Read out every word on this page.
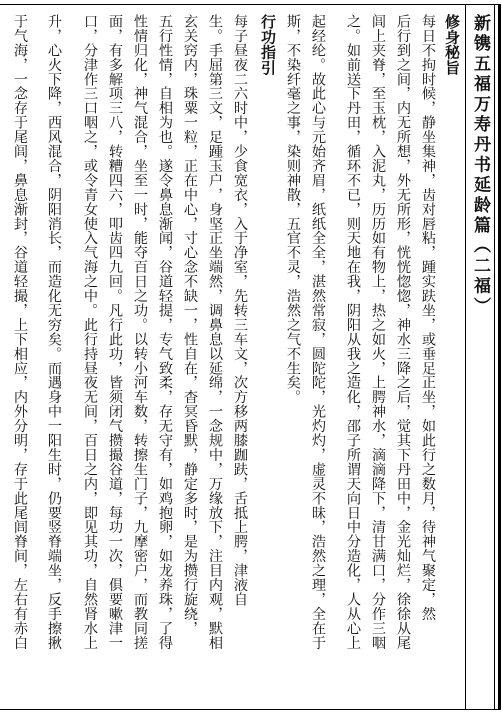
新镌五福万寿丹书延龄篇（二福）
修身秘旨
每日不拘时候，静坐集神，齿对唇粘，踵实趺坐，或垂足正坐，如此行之数月，待神气聚定，然
后行到之间，内无所想，外无所形，恍恍惚惚，神水三降之后，觉其下丹田中，金光灿烂，徐徐从尾
闾上夹脊，至玉枕，入泥丸，历历如有物上，热之如火，上腭神水，滴滴降下，清甘满口，分作三咽
之。如前送下丹田，循环不已，则天地在我，阴阳从我之造化，邵子所谓天向日中分造化，人从心上
起经纶。故此心与元始齐眉，纸纸全全，湛然常寂，圆陀陀，光灼灼，虚灵不昧，浩然之理，全在于
斯，不染纤毫之事，染则神散，五官不灵，浩然之气不生矣。
行功指引
每子昼夜二六时中，少食宽衣，入于净室，先转三车文，次方移两膝跏趺，舌抵上腭，津液自
生。手屈第三文，足踵玉户，身坚正坐端然，调鼻息以延绵，一念规中，万缘放下，注目内观，默相
玄关窍内，珠粟一粒，正在中心，寸心念不缺一，性自在，杳冥昏默，静定多时，是为攒行旋绕，
五行性情，自相为也。遂令鼻息渐闻，谷道轻提，专气致柔，存无守有，如鸡抱卵，如龙养珠，了得
性情归化，神气混合，坐至一时，能夺百日之功。以转小河车数，转擦生门子，九摩密户，而教同搓
面，有多解项三八，转糟四六，叩齿四九回。凡行此功，皆须闭气攒撮谷道，每功一次，俱要嗽津一
口，分津作三口咽之，或令青女使入气海之中。此行持昼夜无间，百日之内，即见其功，自然肾水上
升，心火下降，西风混合，阴阳消长，而造化无穷矣。而遇身中一阳生时，仍要竖脊端坐，反手擦揪
于气海，一念存于尾闾，鼻息渐封，谷道轻撮，上下相应，内外分明，存于此尾闾脊间，左右有赤白
